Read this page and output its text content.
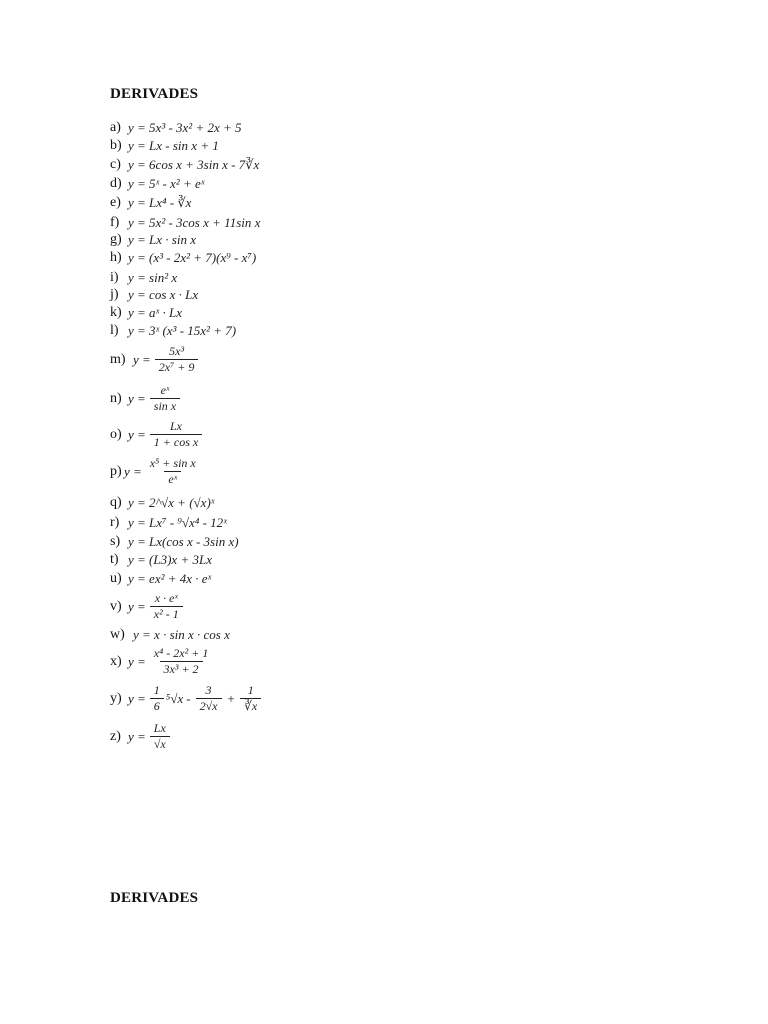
DERIVADES
a) y = 5x³ - 3x² + 2x + 5
b) y = Lx - sin x + 1
c) y = 6cos x + 3sin x - 7∛x
d) y = 5ˣ - x² + eˣ
e) y = Lx⁴ - ∛x
f) y = 5x² - 3cos x + 11sin x
g) y = Lx · sin x
h) y = (x³ - 2x² + 7)(x⁹ - x⁷)
i) y = sin² x
j) y = cos x · Lx
k) y = aˣ · Lx
l) y = 3ˣ (x³ - 15x² + 7)
m) $y = \frac{\text{5x³}}{\text{2x⁷ + 9}}$
n) $y = \frac{\text{eˣ}}{\text{sin x}}$
o) $y = \frac{Lx}{\text{1 + cos x}}$
p) $y = \frac{\text{x⁵ + sin x}}{\text{eˣ}}$
q) y = 2^√x + (√x)ˣ
r) y = Lx⁷ - ⁹√x⁴ - 12ˣ
s) y = Lx(cos x - 3sin x)
t) y = (L3)x + 3Lx
u) y = ex² + 4x · eˣ
v) $y = \frac{\text{x · eˣ}}{\text{x² - 1}}$
w) y = x · sin x · cos x
x) $y = \frac{\text{x⁴ - 2x² + 1}}{\text{3x³ + 2}}$
y) $y = \frac{1}{6} ^5√x - \frac{3}{2√x} + \frac{1}{∛x}$
z) $y = \frac{Lx}{√x}$
DERIVADES
